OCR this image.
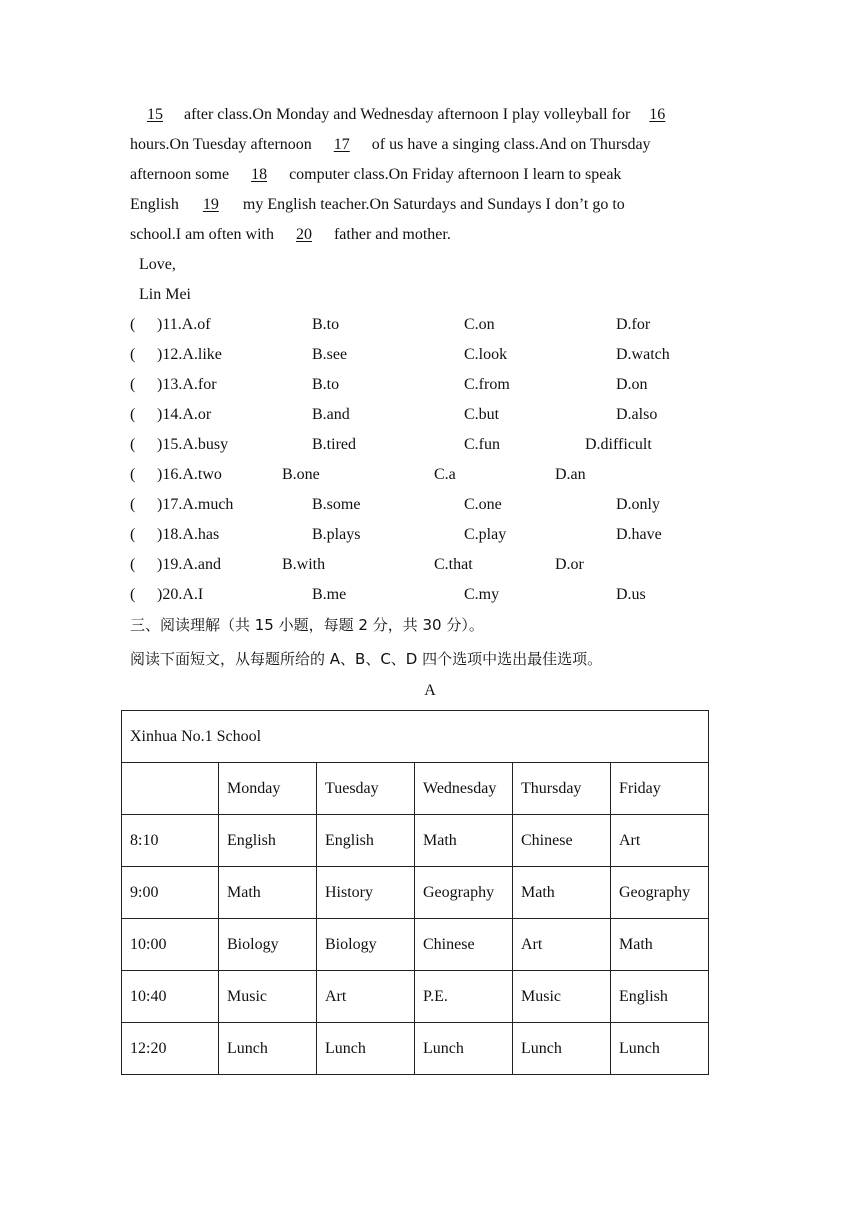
15 after class.On Monday and Wednesday afternoon I play volleyball for 16
hours.On Tuesday afternoon 17 of us have a singing class.And on Thursday
afternoon some 18 computer class.On Friday afternoon I learn to speak
English 19 my English teacher.On Saturdays and Sundays I don’t go to
school.I am often with 20 father and mother.
Love,
Lin Mei
( )11.A.of	B.to	C.on	D.for
( )12.A.like	B.see	C.look	D.watch
( )13.A.for	B.to	C.from	D.on
( )14.A.or	B.and	C.but	D.also
( )15.A.busy	B.tired	C.fun	D.difficult
( )16.A.two	B.one	C.a	D.an
( )17.A.much	B.some	C.one	D.only
( )18.A.has	B.plays	C.play	D.have
( )19.A.and	B.with	C.that	D.or
( )20.A.I	B.me	C.my	D.us
三、阅读理解（共 15 小题，每题 2 分，共 30 分）。
阅读下面短文，从每题所给的 A、B、C、D 四个选项中选出最佳选项。
A
Xinhua No.1 School					
	Monday	Tuesday	Wednesday	Thursday	Friday
8:10	English	English	Math	Chinese	Art
9:00	Math	History	Geography	Math	Geography
10:00	Biology	Biology	Chinese	Art	Math
10:40	Music	Art	P.E.	Music	English
12:20	Lunch	Lunch	Lunch	Lunch	Lunch
